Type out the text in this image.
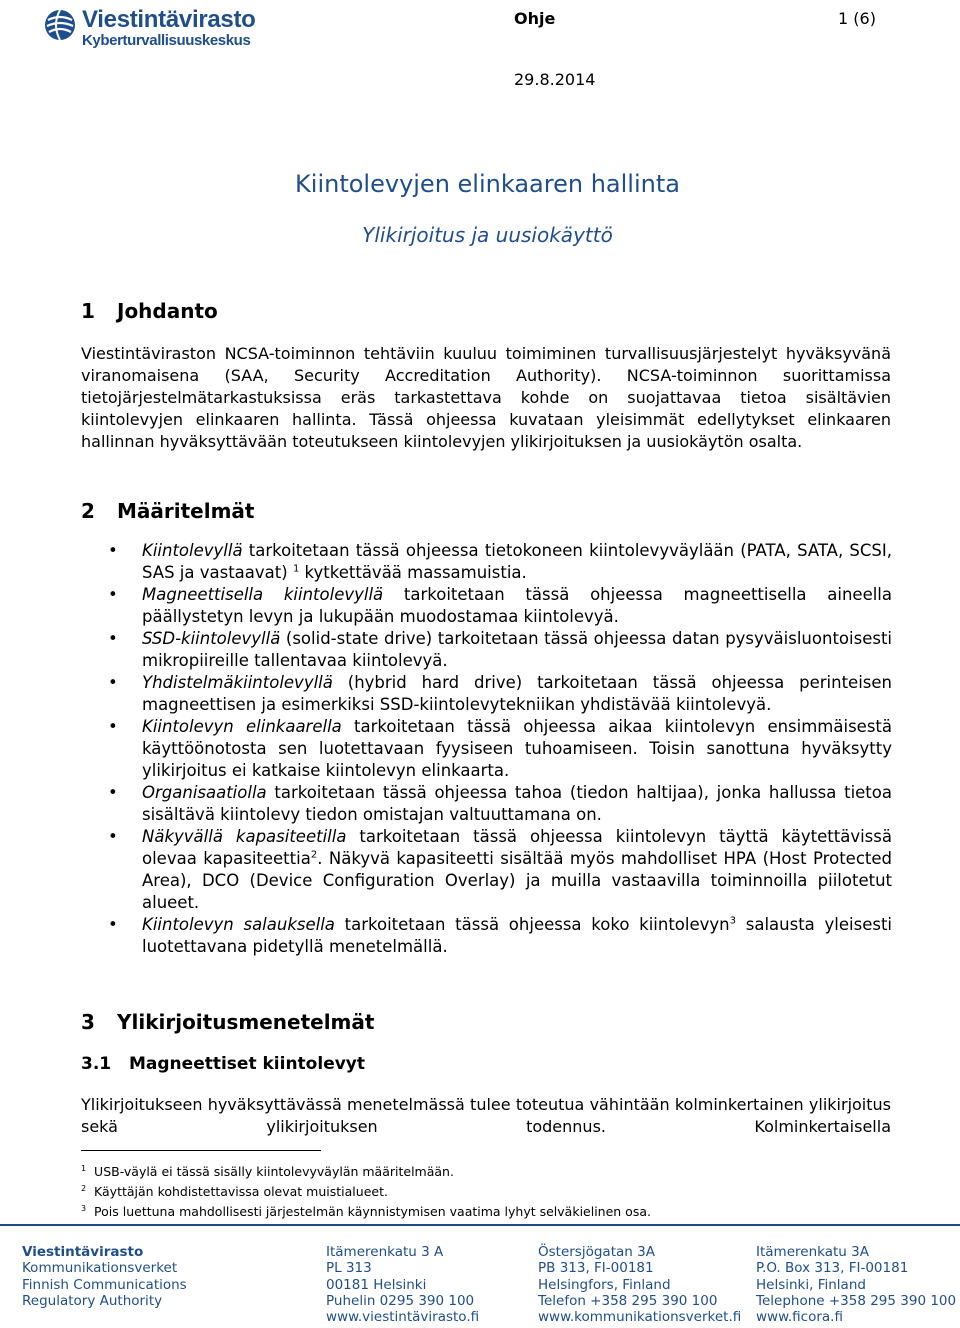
Viestintävirasto
Kyberturvallisuuskeskus
Ohje	1 (6)
29.8.2014
Kiintolevyjen elinkaaren hallinta
Ylikirjoitus ja uusiokäyttö
1 Johdanto
Viestintäviraston NCSA-toiminnon tehtäviin kuuluu toimiminen turvallisuusjärjestelyt hyväksyvänä viranomaisena (SAA, Security Accreditation Authority). NCSA-toiminnon suorittamissa tietojärjestelmätarkastuksissa eräs tarkastettava kohde on suojattavaa tietoa sisältävien kiintolevyjen elinkaaren hallinta. Tässä ohjeessa kuvataan yleisimmät edellytykset elinkaaren hallinnan hyväksyttävään toteutukseen kiintolevyjen ylikirjoituksen ja uusiokäytön osalta.
2 Määritelmät
• Kiintolevyllä tarkoitetaan tässä ohjeessa tietokoneen kiintolevyväylään (PATA, SATA, SCSI, SAS ja vastaavat) $^1$ kytkettävää massamuistia.
• Magneettisella kiintolevyllä tarkoitetaan tässä ohjeessa magneettisella aineella päällystetyn levyn ja lukupään muodostamaa kiintolevyä.
• SSD-kiintolevyllä (solid-state drive) tarkoitetaan tässä ohjeessa datan pysyväisluontoisesti mikropiireille tallentavaa kiintolevyä.
• Yhdistelmäkiintolevyllä (hybrid hard drive) tarkoitetaan tässä ohjeessa perinteisen magneettisen ja esimerkiksi SSD-kiintolevytekniikan yhdistävää kiintolevyä.
• Kiintolevyn elinkaarella tarkoitetaan tässä ohjeessa aikaa kiintolevyn ensimmäisestä käyttöönotosta sen luotettavaan fyysiseen tuhoamiseen. Toisin sanottuna hyväksytty ylikirjoitus ei katkaise kiintolevyn elinkaarta.
• Organisaatiolla tarkoitetaan tässä ohjeessa tahoa (tiedon haltijaa), jonka hallussa tietoa sisältävä kiintolevy tiedon omistajan valtuuttamana on.
• Näkyvällä kapasiteetilla tarkoitetaan tässä ohjeessa kiintolevyn täyttä käytettävissä olevaa kapasiteettia$^2$. Näkyvä kapasiteetti sisältää myös mahdolliset HPA (Host Protected Area), DCO (Device Configuration Overlay) ja muilla vastaavilla toiminnoilla piilotetut alueet.
• Kiintolevyn salauksella tarkoitetaan tässä ohjeessa koko kiintolevyn$^3$ salausta yleisesti luotettavana pidetyllä menetelmällä.
3 Ylikirjoitusmenetelmät
3.1 Magneettiset kiintolevyt
Ylikirjoitukseen hyväksyttävässä menetelmässä tulee toteutua vähintään kolminkertainen ylikirjoitus sekä ylikirjoituksen todennus. Kolminkertaisella
$^1$ USB-väylä ei tässä sisälly kiintolevyväylän määritelmään.
$^2$ Käyttäjän kohdistettavissa olevat muistialueet.
$^3$ Pois luettuna mahdollisesti järjestelmän käynnistymisen vaatima lyhyt selväkielinen osa.
Viestintävirasto
Kommunikationsverket
Finnish Communications
Regulatory Authority
Itämerenkatu 3 A
PL 313
00181 Helsinki
Puhelin 0295 390 100
www.viestintävirasto.fi
Östersjögatan 3A
PB 313, FI-00181
Helsingfors, Finland
Telefon +358 295 390 100
www.kommunikationsverket.fi
Itämerenkatu 3A
P.O. Box 313, FI-00181
Helsinki, Finland
Telephone +358 295 390 100
www.ficora.fi
